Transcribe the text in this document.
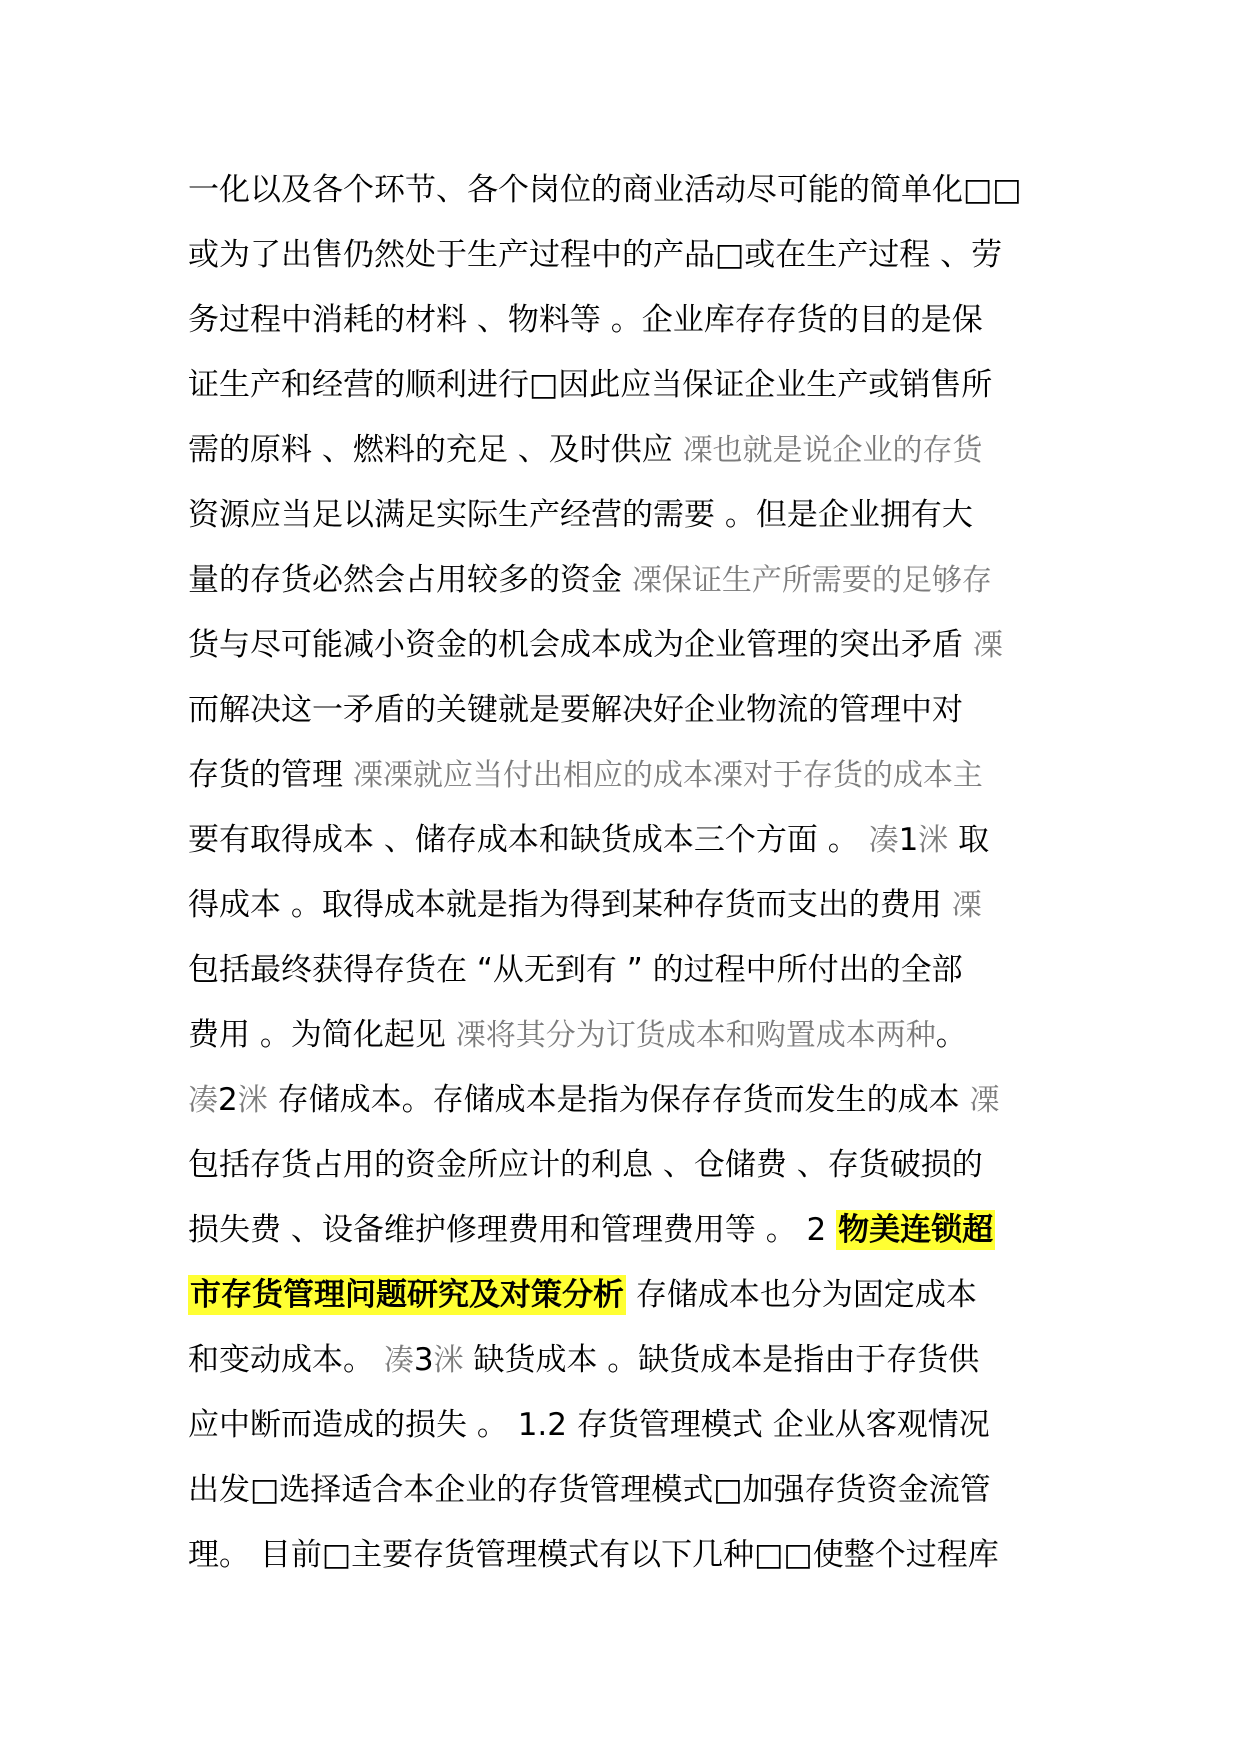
一化以及各个环节、各个岗位的商业活动尽可能的简单化□□
或为了出售仍然处于生产过程中的产品□或在生产过程 、劳
务过程中消耗的材料 、物料等 。企业库存存货的目的是保
证生产和经营的顺利进行□因此应当保证企业生产或销售所
需的原料 、燃料的充足 、及时供应 凓也就是说企业的存货
资源应当足以满足实际生产经营的需要 。但是企业拥有大
量的存货必然会占用较多的资金 凓保证生产所需要的足够存
货与尽可能减小资金的机会成本成为企业管理的突出矛盾 凓
而解决这一矛盾的关键就是要解决好企业物流的管理中对
存货的管理 凓凓就应当付出相应的成本凓对于存货的成本主
要有取得成本 、储存成本和缺货成本三个方面 。 凑1洣 取
得成本 。取得成本就是指为得到某种存货而支出的费用 凓
包括最终获得存货在 “从无到有 ” 的过程中所付出的全部
费用 。为简化起见 凓将其分为订货成本和购置成本两种。
凑2洣 存储成本。存储成本是指为保存存货而发生的成本 凓
包括存货占用的资金所应计的利息 、仓储费 、存货破损的
损失费 、设备维护修理费用和管理费用等 。 2 物美连锁超
市存货管理问题研究及对策分析 存储成本也分为固定成本
和变动成本。 凑3洣 缺货成本 。缺货成本是指由于存货供
应中断而造成的损失 。 1.2 存货管理模式 企业从客观情况
出发□选择适合本企业的存货管理模式□加强存货资金流管
理。 目前□主要存货管理模式有以下几种□□使整个过程库
